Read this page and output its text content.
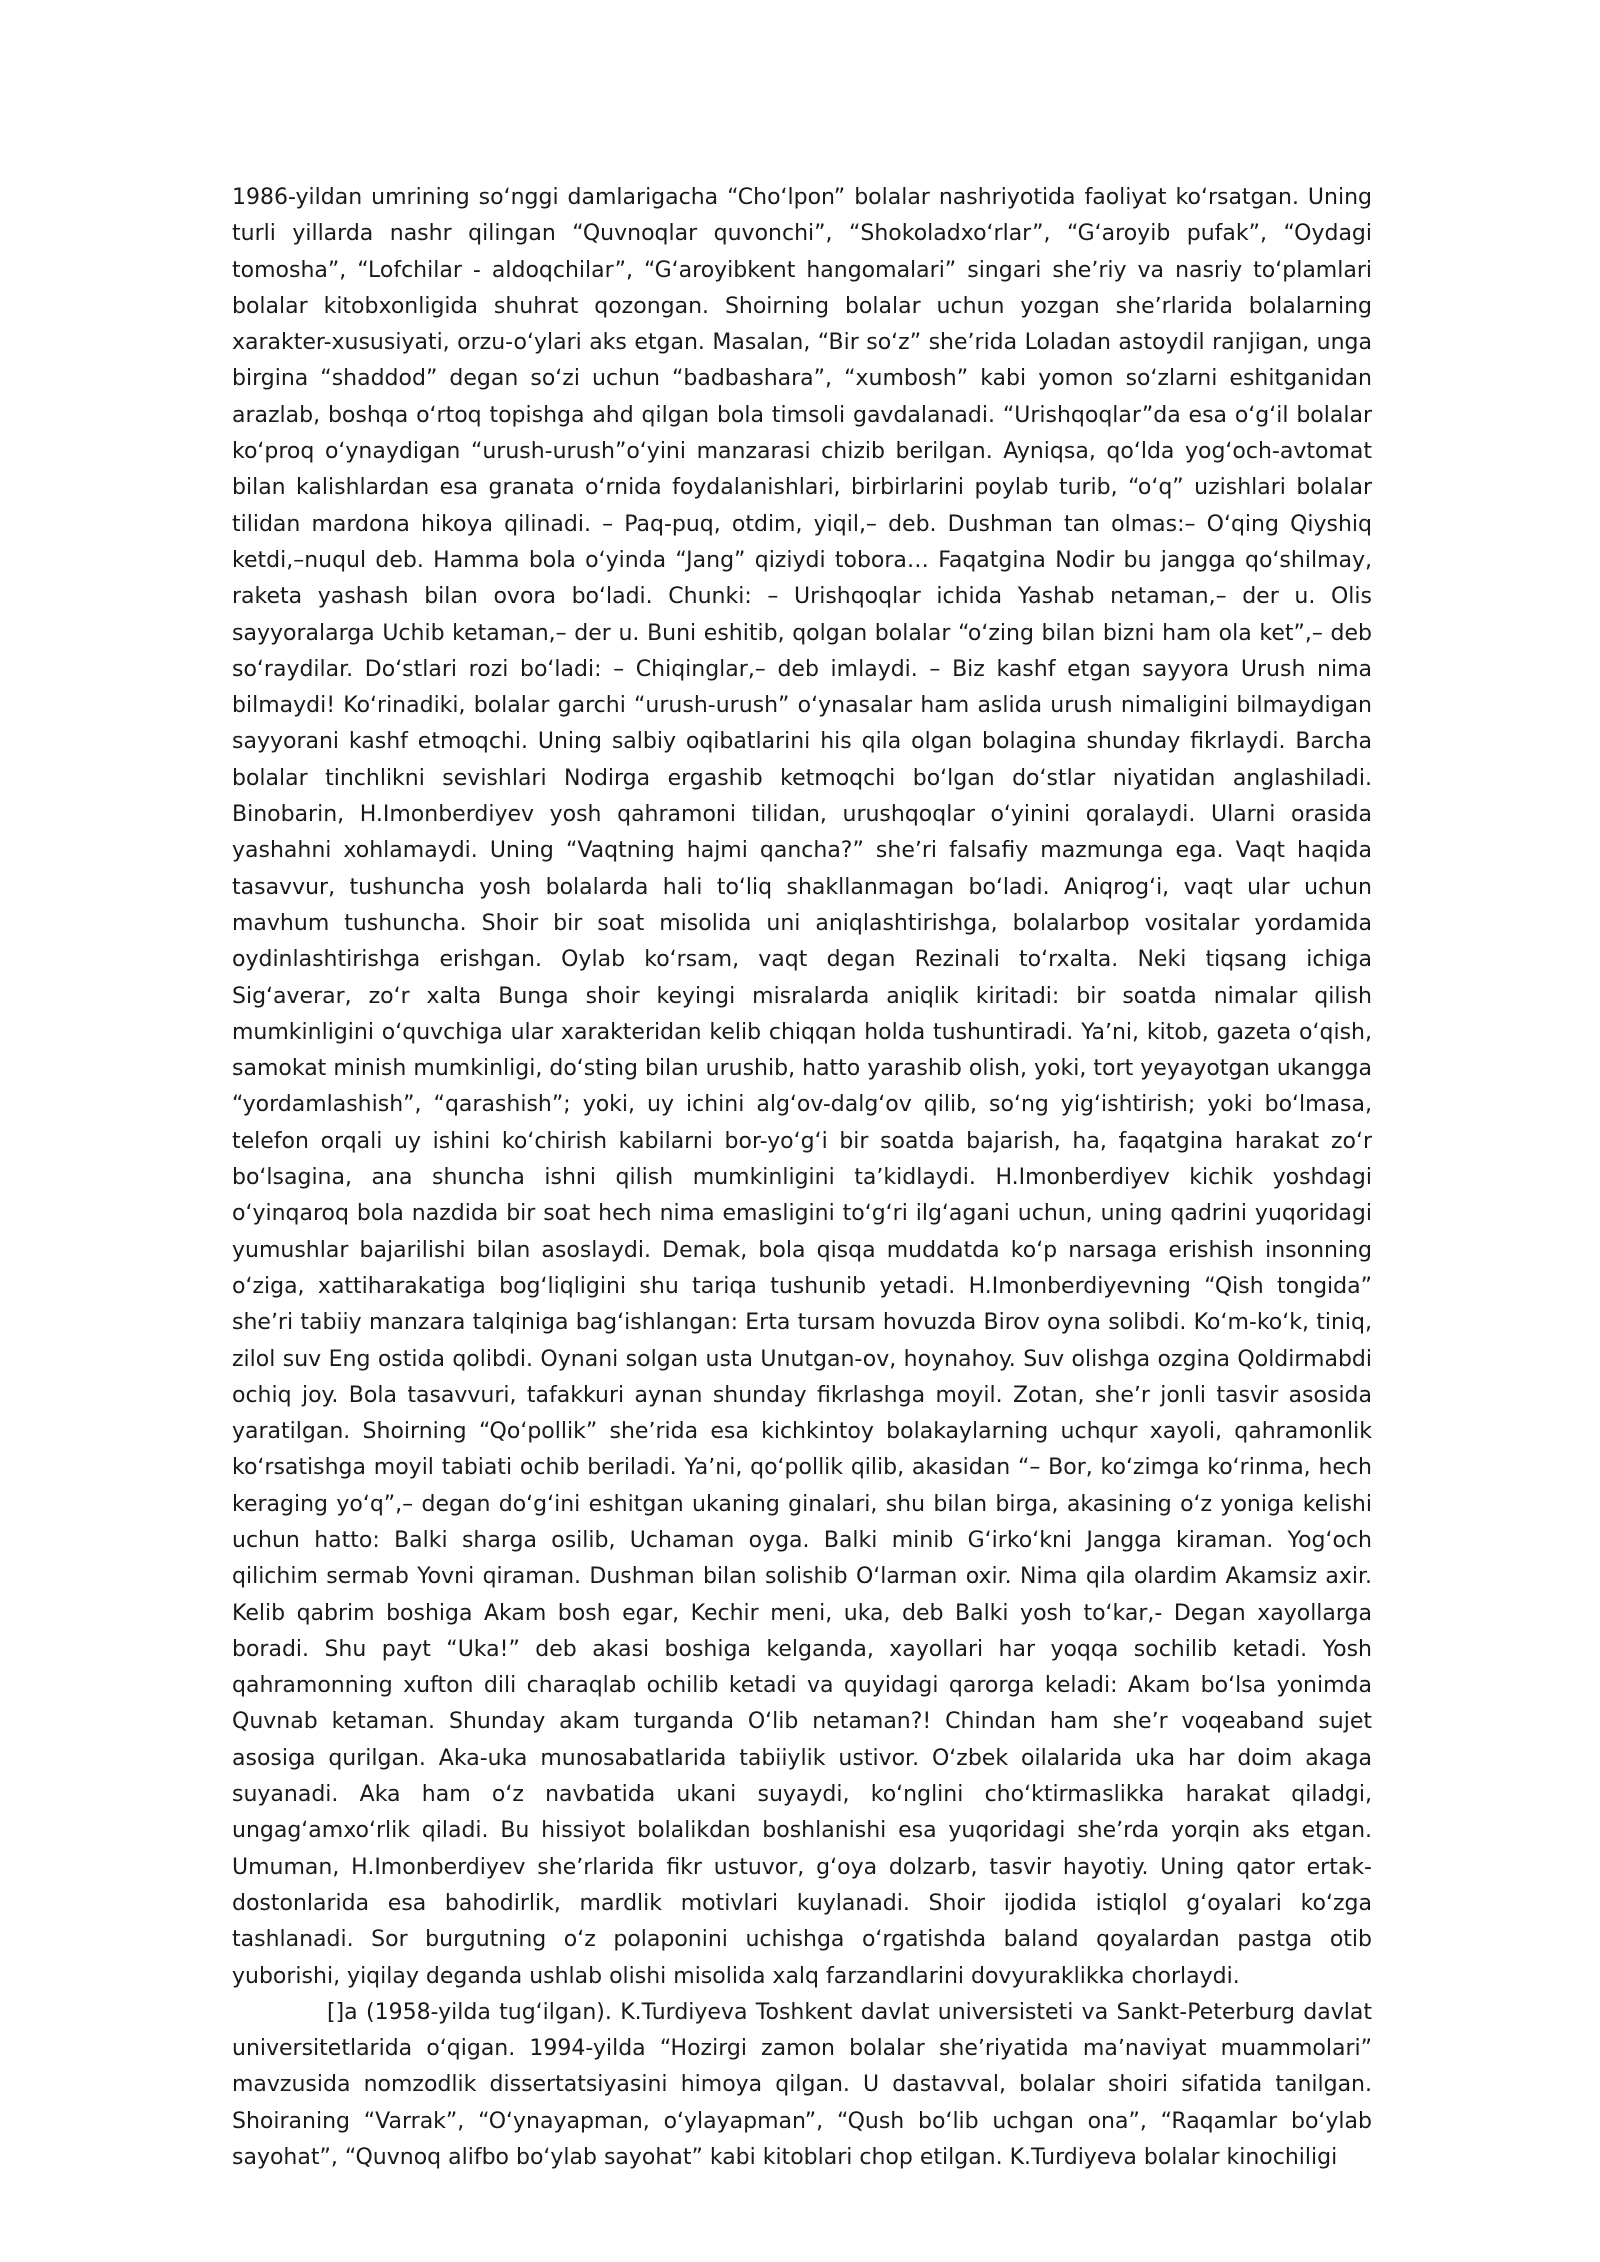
1986-yildan umrining soʻnggi damlarigacha “Choʻlpon” bolalar nashriyotida faoliyat koʻrsatgan. Uning turli yillarda nashr qilingan “Quvnoqlar quvonchi”, “Shokoladxoʻrlar”, “Gʻaroyib pufak”, “Oydagi tomosha”, “Lofchilar - aldoqchilar”, “Gʻaroyibkent hangomalari” singari sheʼriy va nasriy toʻplamlari bolalar kitobxonligida shuhrat qozongan. Shoirning bolalar uchun yozgan sheʼrlarida bolalarning xarakter-xususiyati, orzu-oʻylari aks etgan. Masalan, “Bir soʻz” sheʼrida Loladan astoydil ranjigan, unga birgina “shaddod” degan soʻzi uchun “badbashara”, “xumbosh” kabi yomon soʻzlarni eshitganidan arazlab, boshqa oʻrtoq topishga ahd qilgan bola timsoli gavdalanadi. “Urishqoqlar”da esa oʻgʻil bolalar koʻproq oʻynaydigan “urush-urush”oʻyini manzarasi chizib berilgan. Ayniqsa, qoʻlda yogʻoch-avtomat bilan kalishlardan esa granata oʻrnida foydalanishlari, birbirlarini poylab turib, “oʻq” uzishlari bolalar tilidan mardona hikoya qilinadi. – Paq-puq, otdim, yiqil,– deb. Dushman tan olmas:– Oʻqing Qiyshiq ketdi,–nuqul deb. Hamma bola oʻyinda “Jang” qiziydi tobora… Faqatgina Nodir bu jangga qoʻshilmay, raketa yashash bilan ovora boʻladi. Chunki: – Urishqoqlar ichida Yashab netaman,– der u. Olis sayyoralarga Uchib ketaman,– der u. Buni eshitib, qolgan bolalar “oʻzing bilan bizni ham ola ket”,– deb soʻraydilar. Doʻstlari rozi boʻladi: – Chiqinglar,– deb imlaydi. – Biz kashf etgan sayyora Urush nima bilmaydi! Koʻrinadiki, bolalar garchi “urush-urush” oʻynasalar ham aslida urush nimaligini bilmaydigan sayyorani kashf etmoqchi. Uning salbiy oqibatlarini his qila olgan bolagina shunday fikrlaydi. Barcha bolalar tinchlikni sevishlari Nodirga ergashib ketmoqchi boʻlgan doʻstlar niyatidan anglashiladi. Binobarin, H.Imonberdiyev yosh qahramoni tilidan, urushqoqlar oʻyinini qoralaydi. Ularni orasida yashahni xohlamaydi. Uning “Vaqtning hajmi qancha?” sheʼri falsafiy mazmunga ega. Vaqt haqida tasavvur, tushuncha yosh bolalarda hali toʻliq shakllanmagan boʻladi. Aniqrogʻi, vaqt ular uchun mavhum tushuncha. Shoir bir soat misolida uni aniqlashtirishga, bolalarbop vositalar yordamida oydinlashtirishga erishgan. Oylab koʻrsam, vaqt degan Rezinali toʻrxalta. Neki tiqsang ichiga Sigʻaverar, zoʻr xalta Bunga shoir keyingi misralarda aniqlik kiritadi: bir soatda nimalar qilish mumkinligini oʻquvchiga ular xarakteridan kelib chiqqan holda tushuntiradi. Yaʼni, kitob, gazeta oʻqish, samokat minish mumkinligi, doʻsting bilan urushib, hatto yarashib olish, yoki, tort yeyayotgan ukangga “yordamlashish”, “qarashish”; yoki, uy ichini algʻov-dalgʻov qilib, soʻng yigʻishtirish; yoki boʻlmasa, telefon orqali uy ishini koʻchirish kabilarni bor-yoʻgʻi bir soatda bajarish, ha, faqatgina harakat zoʻr boʻlsagina, ana shuncha ishni qilish mumkinligini taʼkidlaydi. H.Imonberdiyev kichik yoshdagi oʻyinqaroq bola nazdida bir soat hech nima emasligini toʻgʻri ilgʻagani uchun, uning qadrini yuqoridagi yumushlar bajarilishi bilan asoslaydi. Demak, bola qisqa muddatda koʻp narsaga erishish insonning oʻziga, xattiharakatiga bogʻliqligini shu tariqa tushunib yetadi. H.Imonberdiyevning “Qish tongida” sheʼri tabiiy manzara talqiniga bagʻishlangan: Erta tursam hovuzda Birov oyna solibdi. Koʻm-koʻk, tiniq, zilol suv Eng ostida qolibdi. Oynani solgan usta Unutgan-ov, hoynahoy. Suv olishga ozgina Qoldirmabdi ochiq joy. Bola tasavvuri, tafakkuri aynan shunday fikrlashga moyil. Zotan, sheʼr jonli tasvir asosida yaratilgan. Shoirning “Qoʻpollik” sheʼrida esa kichkintoy bolakaylarning uchqur xayoli, qahramonlik koʻrsatishga moyil tabiati ochib beriladi. Yaʼni, qoʻpollik qilib, akasidan “– Bor, koʻzimga koʻrinma, hech keraging yoʻq”,– degan doʻgʻini eshitgan ukaning ginalari, shu bilan birga, akasining oʻz yoniga kelishi uchun hatto: Balki sharga osilib, Uchaman oyga. Balki minib Gʻirkoʻkni Jangga kiraman. Yogʻoch qilichim sermab Yovni qiraman. Dushman bilan solishib Oʻlarman oxir. Nima qila olardim Akamsiz axir. Kelib qabrim boshiga Akam bosh egar, Kechir meni, uka, deb Balki yosh toʻkar,- Degan xayollarga boradi. Shu payt “Uka!” deb akasi boshiga kelganda, xayollari har yoqqa sochilib ketadi. Yosh qahramonning xufton dili charaqlab ochilib ketadi va quyidagi qarorga keladi: Akam boʻlsa yonimda Quvnab ketaman. Shunday akam turganda Oʻlib netaman?! Chindan ham sheʼr voqeaband sujet asosiga qurilgan. Aka-uka munosabatlarida tabiiylik ustivor. Oʻzbek oilalarida uka har doim akaga suyanadi. Aka ham oʻz navbatida ukani suyaydi, koʻnglini choʻktirmaslikka harakat qiladgi, ungagʻamxoʻrlik qiladi. Bu hissiyot bolalikdan boshlanishi esa yuqoridagi sheʼrda yorqin aks etgan. Umuman, H.Imonberdiyev sheʼrlarida fikr ustuvor, gʻoya dolzarb, tasvir hayotiy. Uning qator ertak-dostonlarida esa bahodirlik, mardlik motivlari kuylanadi. Shoir ijodida istiqlol gʻoyalari koʻzga tashlanadi. Sor burgutning oʻz polaponini uchishga oʻrgatishda baland qoyalardan pastga otib yuborishi, yiqilay deganda ushlab olishi misolida xalq farzandlarini dovyuraklikka chorlaydi.

[]a (1958-yilda tugʻilgan). K.Turdiyeva Toshkent davlat universisteti va Sankt-Peterburg davlat universitetlarida oʻqigan. 1994-yilda “Hozirgi zamon bolalar sheʼriyatida maʼnaviyat muammolari” mavzusida nomzodlik dissertatsiyasini himoya qilgan. U dastavval, bolalar shoiri sifatida tanilgan. Shoiraning “Varrak”, “Oʻynayapman, oʻylayapman”, “Qush boʻlib uchgan ona”, “Raqamlar boʻylab sayohat”, “Quvnoq alifbo boʻylab sayohat” kabi kitoblari chop etilgan. K.Turdiyeva bolalar kinochiligi
